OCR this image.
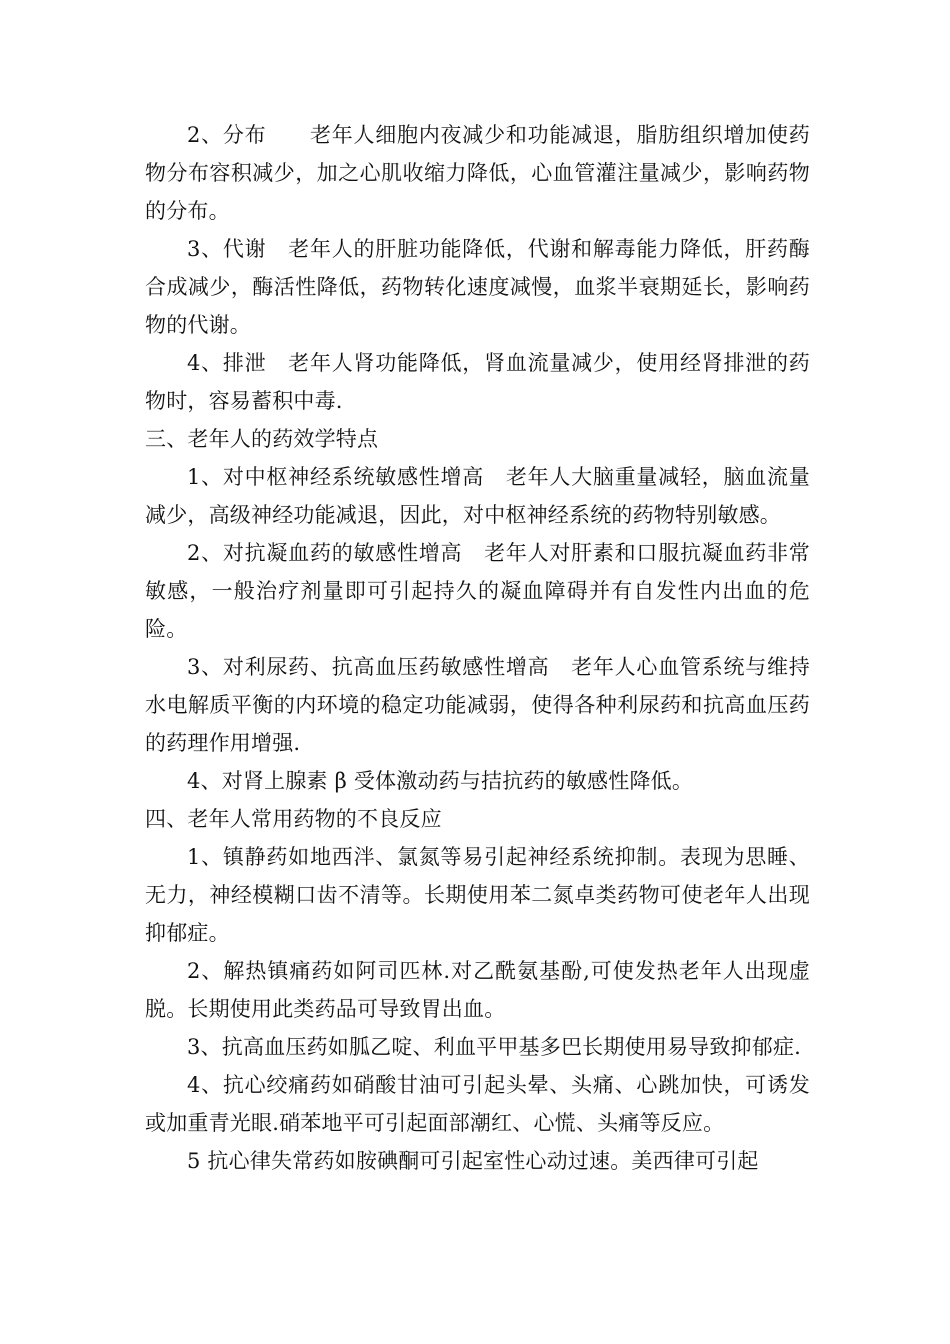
2、分布　　老年人细胞内夜减少和功能减退，脂肪组织增加使药物分布容积减少，加之心肌收缩力降低，心血管灌注量减少，影响药物的分布。

3、代谢　老年人的肝脏功能降低，代谢和解毒能力降低，肝药酶合成减少，酶活性降低，药物转化速度减慢，血浆半衰期延长，影响药物的代谢。

4、排泄　老年人肾功能降低，肾血流量减少，使用经肾排泄的药物时，容易蓄积中毒.

三、老年人的药效学特点

1、对中枢神经系统敏感性增高　老年人大脑重量减轻，脑血流量减少，高级神经功能减退，因此，对中枢神经系统的药物特别敏感。

2、对抗凝血药的敏感性增高　老年人对肝素和口服抗凝血药非常敏感，一般治疗剂量即可引起持久的凝血障碍并有自发性内出血的危险。

3、对利尿药、抗高血压药敏感性增高　老年人心血管系统与维持水电解质平衡的内环境的稳定功能减弱，使得各种利尿药和抗高血压药的药理作用增强.

4、对肾上腺素 β 受体激动药与拮抗药的敏感性降低。

四、老年人常用药物的不良反应

1、镇静药如地西泮、氯氮等易引起神经系统抑制。表现为思睡、无力，神经模糊口齿不清等。长期使用苯二氮卓类药物可使老年人出现抑郁症。

2、解热镇痛药如阿司匹林.对乙酰氨基酚,可使发热老年人出现虚脱。长期使用此类药品可导致胃出血。

3、抗高血压药如胍乙啶、利血平甲基多巴长期使用易导致抑郁症.

4、抗心绞痛药如硝酸甘油可引起头晕、头痛、心跳加快，可诱发或加重青光眼.硝苯地平可引起面部潮红、心慌、头痛等反应。

5 抗心律失常药如胺碘酮可引起室性心动过速。美西律可引起
